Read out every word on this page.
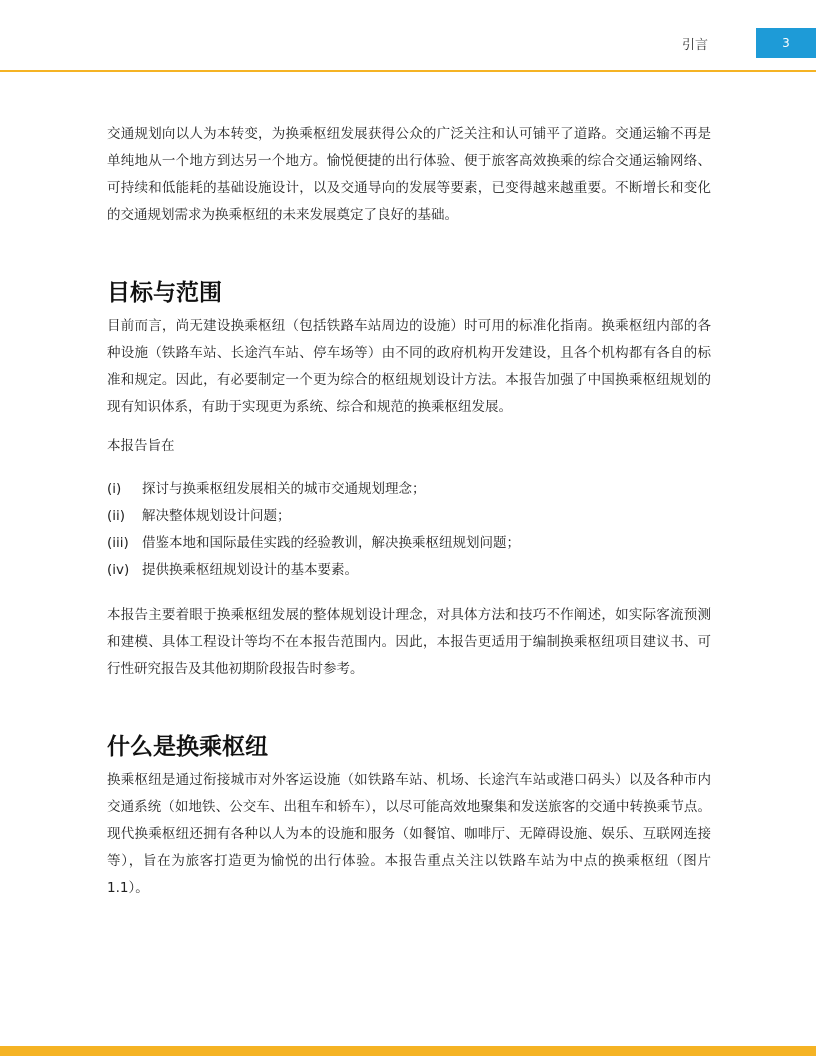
引言	3

交通规划向以人为本转变，为换乘枢纽发展获得公众的广泛关注和认可铺平了道路。交通运输不再是单纯地从一个地方到达另一个地方。愉悦便捷的出行体验、便于旅客高效换乘的综合交通运输网络、可持续和低能耗的基础设施设计，以及交通导向的发展等要素，已变得越来越重要。不断增长和变化的交通规划需求为换乘枢纽的未来发展奠定了良好的基础。

目标与范围

目前而言，尚无建设换乘枢纽（包括铁路车站周边的设施）时可用的标准化指南。换乘枢纽内部的各种设施（铁路车站、长途汽车站、停车场等）由不同的政府机构开发建设，且各个机构都有各自的标准和规定。因此，有必要制定一个更为综合的枢纽规划设计方法。本报告加强了中国换乘枢纽规划的现有知识体系，有助于实现更为系统、综合和规范的换乘枢纽发展。

本报告旨在

(i)	探讨与换乘枢纽发展相关的城市交通规划理念；
(ii)	解决整体规划设计问题；
(iii) 借鉴本地和国际最佳实践的经验教训，解决换乘枢纽规划问题；
(iv) 提供换乘枢纽规划设计的基本要素。

本报告主要着眼于换乘枢纽发展的整体规划设计理念，对具体方法和技巧不作阐述，如实际客流预测和建模、具体工程设计等均不在本报告范围内。因此，本报告更适用于编制换乘枢纽项目建议书、可行性研究报告及其他初期阶段报告时参考。

什么是换乘枢纽

换乘枢纽是通过衔接城市对外客运设施（如铁路车站、机场、长途汽车站或港口码头）以及各种市内交通系统（如地铁、公交车、出租车和轿车），以尽可能高效地聚集和发送旅客的交通中转换乘节点。现代换乘枢纽还拥有各种以人为本的设施和服务（如餐馆、咖啡厅、无障碍设施、娱乐、互联网连接等），旨在为旅客打造更为愉悦的出行体验。本报告重点关注以铁路车站为中点的换乘枢纽（图片1.1）。
